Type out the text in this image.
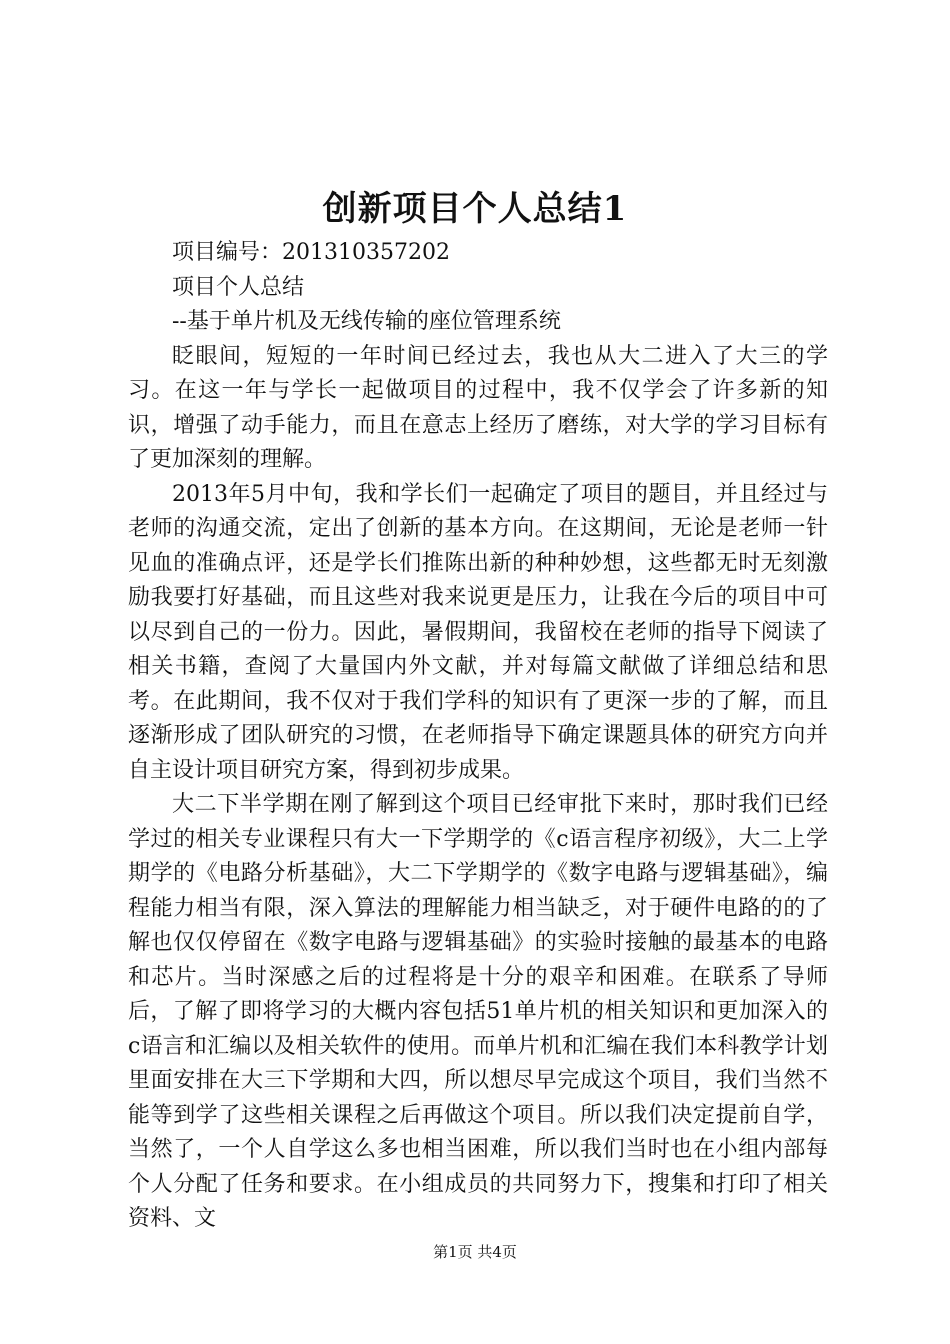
创新项目个人总结1

项目编号：201310357202

项目个人总结

--基于单片机及无线传输的座位管理系统

眨眼间，短短的一年时间已经过去，我也从大二进入了大三的学习。在这一年与学长一起做项目的过程中，我不仅学会了许多新的知识，增强了动手能力，而且在意志上经历了磨练，对大学的学习目标有了更加深刻的理解。

2013年5月中旬，我和学长们一起确定了项目的题目，并且经过与老师的沟通交流，定出了创新的基本方向。在这期间，无论是老师一针见血的准确点评，还是学长们推陈出新的种种妙想，这些都无时无刻激励我要打好基础，而且这些对我来说更是压力，让我在今后的项目中可以尽到自己的一份力。因此，暑假期间，我留校在老师的指导下阅读了相关书籍，查阅了大量国内外文献，并对每篇文献做了详细总结和思考。在此期间，我不仅对于我们学科的知识有了更深一步的了解，而且逐渐形成了团队研究的习惯，在老师指导下确定课题具体的研究方向并自主设计项目研究方案，得到初步成果。

大二下半学期在刚了解到这个项目已经审批下来时，那时我们已经学过的相关专业课程只有大一下学期学的《c语言程序初级》，大二上学期学的《电路分析基础》，大二下学期学的《数字电路与逻辑基础》，编程能力相当有限，深入算法的理解能力相当缺乏，对于硬件电路的的了解也仅仅停留在《数字电路与逻辑基础》的实验时接触的最基本的电路和芯片。当时深感之后的过程将是十分的艰辛和困难。在联系了导师后，了解了即将学习的大概内容包括51单片机的相关知识和更加深入的c语言和汇编以及相关软件的使用。而单片机和汇编在我们本科教学计划里面安排在大三下学期和大四，所以想尽早完成这个项目，我们当然不能等到学了这些相关课程之后再做这个项目。所以我们决定提前自学，当然了，一个人自学这么多也相当困难，所以我们当时也在小组内部每个人分配了任务和要求。在小组成员的共同努力下，搜集和打印了相关资料、文

第1页 共4页
